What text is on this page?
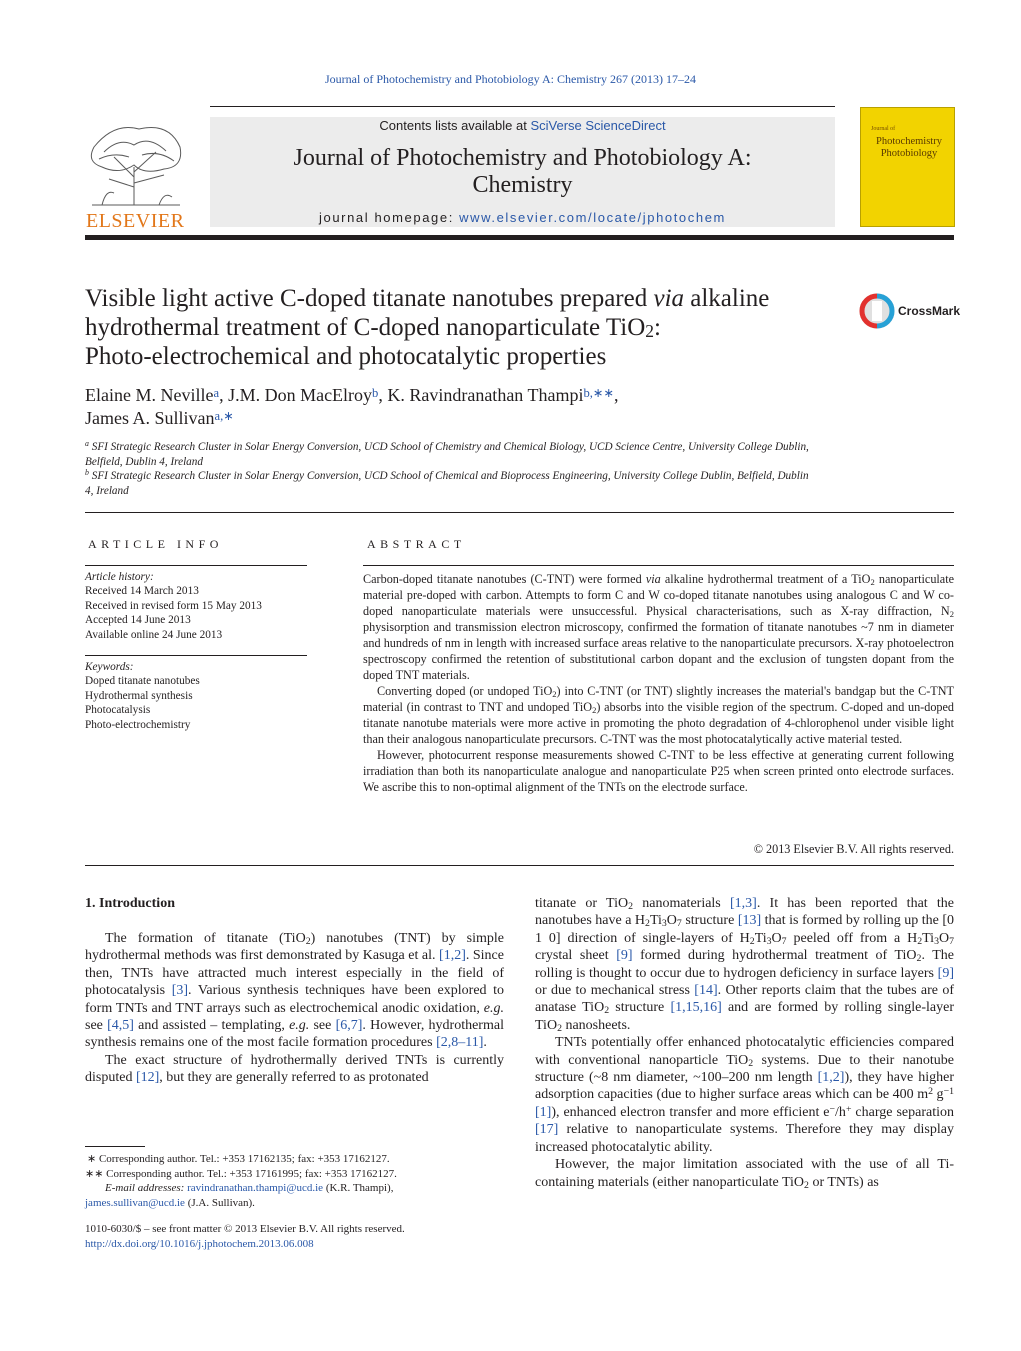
Journal of Photochemistry and Photobiology A: Chemistry 267 (2013) 17–24
ELSEVIER
Contents lists available at SciVerse ScienceDirect
Journal of Photochemistry and Photobiology A:
Chemistry
journal homepage: www.elsevier.com/locate/jphotochem
Journal of
Photochemistry Photobiology
Visible light active C-doped titanate nanotubes prepared via alkaline
hydrothermal treatment of C-doped nanoparticulate TiO$_2$:
Photo-electrochemical and photocatalytic properties
CrossMark
Elaine M. Neville$^a$, J.M. Don MacElroy$^b$, K. Ravindranathan Thampi$^{b,∗∗}$,
James A. Sullivan$^{a,∗}$
$^a$ SFI Strategic Research Cluster in Solar Energy Conversion, UCD School of Chemistry and Chemical Biology, UCD Science Centre, University College Dublin,
Belfield, Dublin 4, Ireland
$^b$ SFI Strategic Research Cluster in Solar Energy Conversion, UCD School of Chemical and Bioprocess Engineering, University College Dublin, Belfield, Dublin
4, Ireland
ARTICLE INFO
Article history:
Received 14 March 2013
Received in revised form 15 May 2013
Accepted 14 June 2013
Available online 24 June 2013
Keywords:
Doped titanate nanotubes
Hydrothermal synthesis
Photocatalysis
Photo-electrochemistry
ABSTRACT

Carbon-doped titanate nanotubes (C-TNT) were formed via alkaline hydrothermal treatment of a TiO$_2$ nanoparticulate material pre-doped with carbon. Attempts to form C and W co-doped titanate nanotubes using analogous C and W co-doped nanoparticulate materials were unsuccessful. Physical characterisations, such as X-ray diffraction, $N_2$ physisorption and transmission electron microscopy, confirmed the formation of titanate nanotubes ~7 nm in diameter and hundreds of nm in length with increased surface areas relative to the nanoparticulate precursors. X-ray photoelectron spectroscopy confirmed the retention of substitutional carbon dopant and the exclusion of tungsten dopant from the doped TNT materials.

Converting doped (or undoped TiO$_2$) into C-TNT (or TNT) slightly increases the material's bandgap but the C-TNT material (in contrast to TNT and undoped TiO$_2$) absorbs into the visible region of the spectrum. C-doped and un-doped titanate nanotube materials were more active in promoting the photo degradation of 4-chlorophenol under visible light than their analogous nanoparticulate precursors. C-TNT was the most photocatalytically active material tested.

However, photocurrent response measurements showed C-TNT to be less effective at generating current following irradiation than both its nanoparticulate analogue and nanoparticulate P25 when screen printed onto electrode surfaces. We ascribe this to non-optimal alignment of the TNTs on the electrode surface.

© 2013 Elsevier B.V. All rights reserved.
1. Introduction

The formation of titanate (TiO$_2$) nanotubes (TNT) by simple hydrothermal methods was first demonstrated by Kasuga et al. [1,2]. Since then, TNTs have attracted much interest especially in the field of photocatalysis [3]. Various synthesis techniques have been explored to form TNTs and TNT arrays such as electrochemical anodic oxidation, e.g. see [4,5] and assisted – templating, e.g. see [6,7]. However, hydrothermal synthesis remains one of the most facile formation procedures [2,8–11].

The exact structure of hydrothermally derived TNTs is currently disputed [12], but they are generally referred to as protonated

titanate or TiO$_2$ nanomaterials [1,3]. It has been reported that the nanotubes have a $H_2Ti_3O_7$ structure [13] that is formed by rolling up the [0 1 0] direction of single-layers of $H_2Ti_3O_7$ peeled off from a $H_2Ti_3O_7$ crystal sheet [9] formed during hydrothermal treatment of TiO$_2$. The rolling is thought to occur due to hydrogen deficiency in surface layers [9] or due to mechanical stress [14]. Other reports claim that the tubes are of anatase TiO$_2$ structure [1,15,16] and are formed by rolling single-layer TiO$_2$ nanosheets.

TNTs potentially offer enhanced photocatalytic efficiencies compared with conventional nanoparticle TiO$_2$ systems. Due to their nanotube structure (~8 nm diameter, ~100–200 nm length [1,2]), they have higher adsorption capacities (due to higher surface areas which can be 400 $m^2$ $g^{-1}$ [1]), enhanced electron transfer and more efficient e−/h+ charge separation [17] relative to nanoparticulate systems. Therefore they may display increased photocatalytic ability.

However, the major limitation associated with the use of all Ti-containing materials (either nanoparticulate TiO$_2$ or TNTs) as

∗ Corresponding author. Tel.: +353 17162135; fax: +353 17162127.
∗∗ Corresponding author. Tel.: +353 17161995; fax: +353 17162127.
E-mail addresses: ravindranathan.thampi@ucd.ie (K.R. Thampi),
james.sullivan@ucd.ie (J.A. Sullivan).
1010-6030/$ – see front matter © 2013 Elsevier B.V. All rights reserved.
http://dx.doi.org/10.1016/j.jphotochem.2013.06.008
